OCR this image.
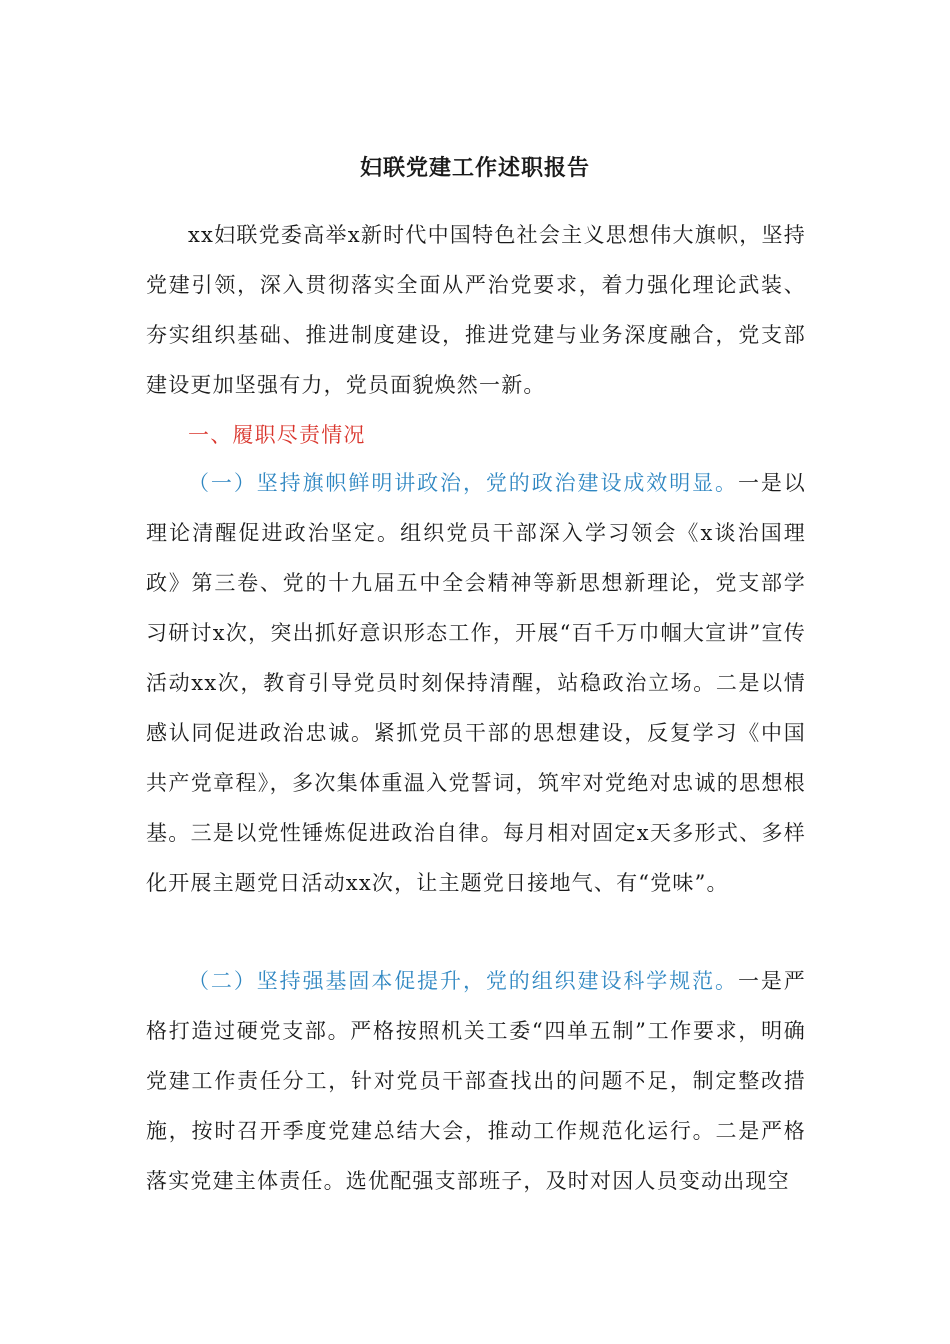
妇联党建工作述职报告

xx妇联党委高举x新时代中国特色社会主义思想伟大旗帜，坚持党建引领，深入贯彻落实全面从严治党要求，着力强化理论武装、夯实组织基础、推进制度建设，推进党建与业务深度融合，党支部建设更加坚强有力，党员面貌焕然一新。

一、履职尽责情况

（一）坚持旗帜鲜明讲政治，党的政治建设成效明显。一是以理论清醒促进政治坚定。组织党员干部深入学习领会《x谈治国理政》第三卷、党的十九届五中全会精神等新思想新理论，党支部学习研讨x次，突出抓好意识形态工作，开展“百千万巾帼大宣讲”宣传活动xx次，教育引导党员时刻保持清醒，站稳政治立场。二是以情感认同促进政治忠诚。紧抓党员干部的思想建设，反复学习《中国共产党章程》，多次集体重温入党誓词，筑牢对党绝对忠诚的思想根基。三是以党性锤炼促进政治自律。每月相对固定x天多形式、多样化开展主题党日活动xx次，让主题党日接地气、有“党味”。

（二）坚持强基固本促提升，党的组织建设科学规范。一是严格打造过硬党支部。严格按照机关工委“四单五制”工作要求，明确党建工作责任分工，针对党员干部查找出的问题不足，制定整改措施，按时召开季度党建总结大会，推动工作规范化运行。二是严格落实党建主体责任。选优配强支部班子，及时对因人员变动出现空
